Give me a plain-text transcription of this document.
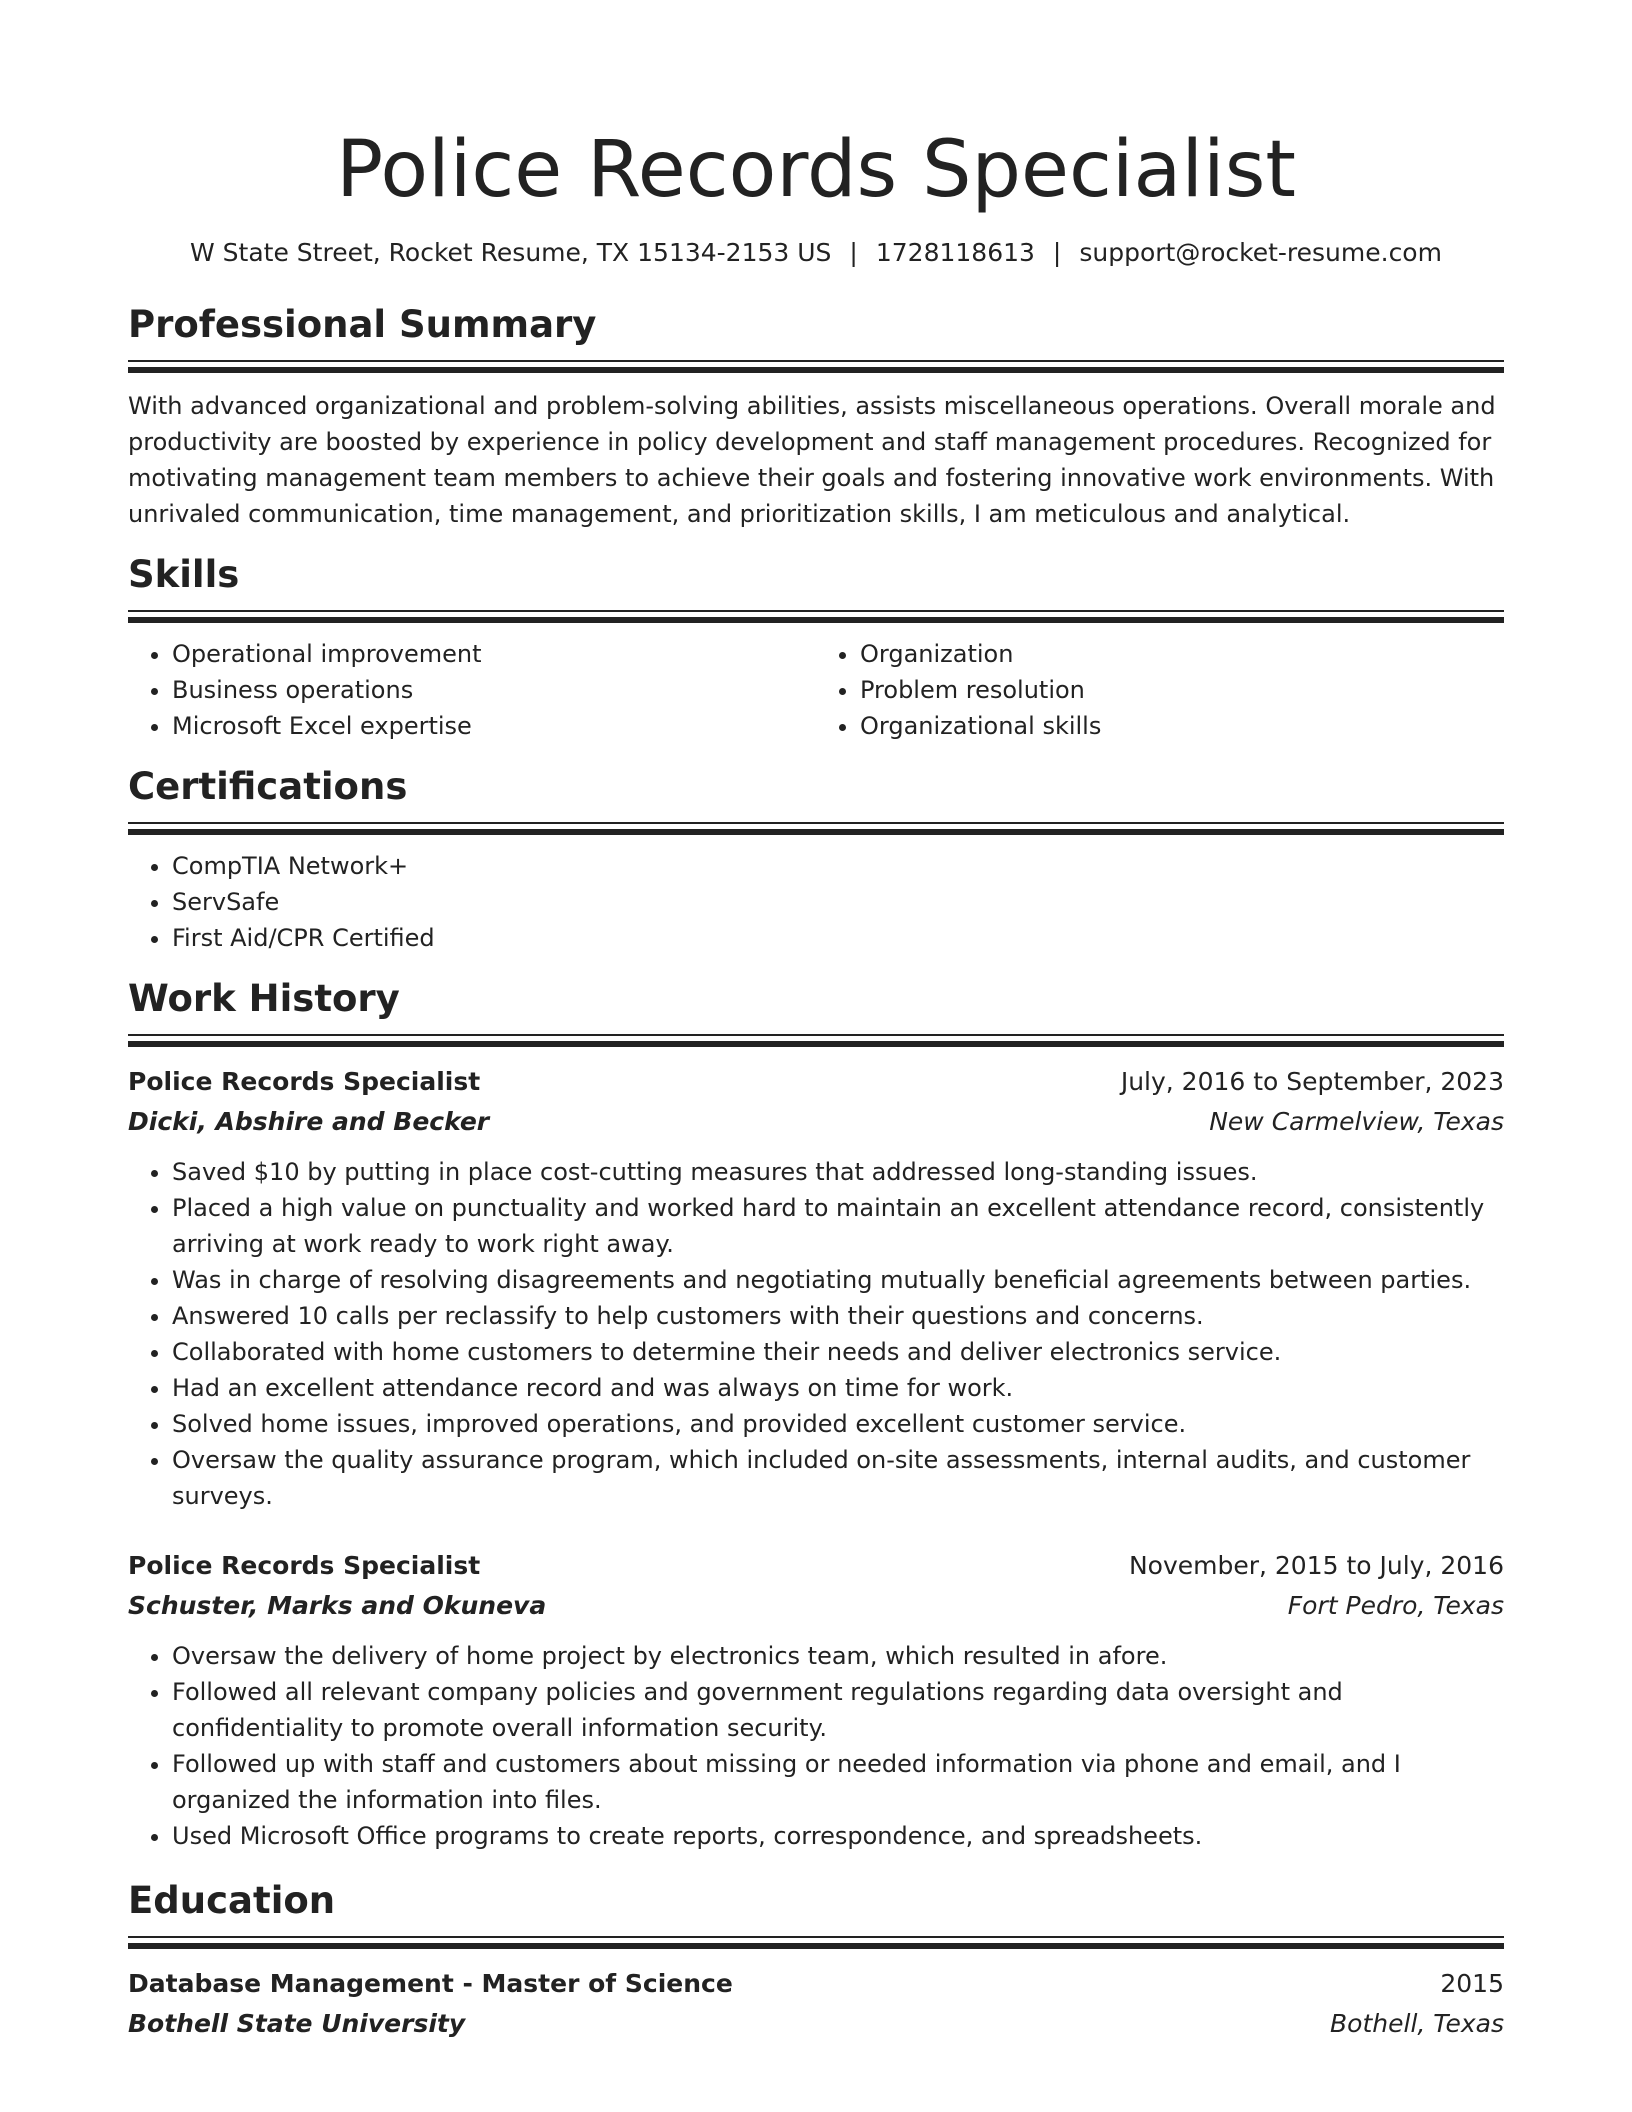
Police Records Specialist
W State Street, Rocket Resume, TX 15134-2153 US | 1728118613 | support@rocket-resume.com
Professional Summary
With advanced organizational and problem-solving abilities, assists miscellaneous operations. Overall morale and productivity are boosted by experience in policy development and staff management procedures. Recognized for motivating management team members to achieve their goals and fostering innovative work environments. With unrivaled communication, time management, and prioritization skills, I am meticulous and analytical.
Skills
• Operational improvement
• Business operations
• Microsoft Excel expertise
• Organization
• Problem resolution
• Organizational skills
Certifications
• CompTIA Network+
• ServSafe
• First Aid/CPR Certified
Work History
Police Records Specialist	July, 2016 to September, 2023
Dicki, Abshire and Becker	New Carmelview, Texas
• Saved $10 by putting in place cost-cutting measures that addressed long-standing issues.
• Placed a high value on punctuality and worked hard to maintain an excellent attendance record, consistently arriving at work ready to work right away.
• Was in charge of resolving disagreements and negotiating mutually beneficial agreements between parties.
• Answered 10 calls per reclassify to help customers with their questions and concerns.
• Collaborated with home customers to determine their needs and deliver electronics service.
• Had an excellent attendance record and was always on time for work.
• Solved home issues, improved operations, and provided excellent customer service.
• Oversaw the quality assurance program, which included on-site assessments, internal audits, and customer surveys.
Police Records Specialist	November, 2015 to July, 2016
Schuster, Marks and Okuneva	Fort Pedro, Texas
• Oversaw the delivery of home project by electronics team, which resulted in afore.
• Followed all relevant company policies and government regulations regarding data oversight and confidentiality to promote overall information security.
• Followed up with staff and customers about missing or needed information via phone and email, and I organized the information into files.
• Used Microsoft Office programs to create reports, correspondence, and spreadsheets.
Education
Database Management - Master of Science	2015
Bothell State University	Bothell, Texas
